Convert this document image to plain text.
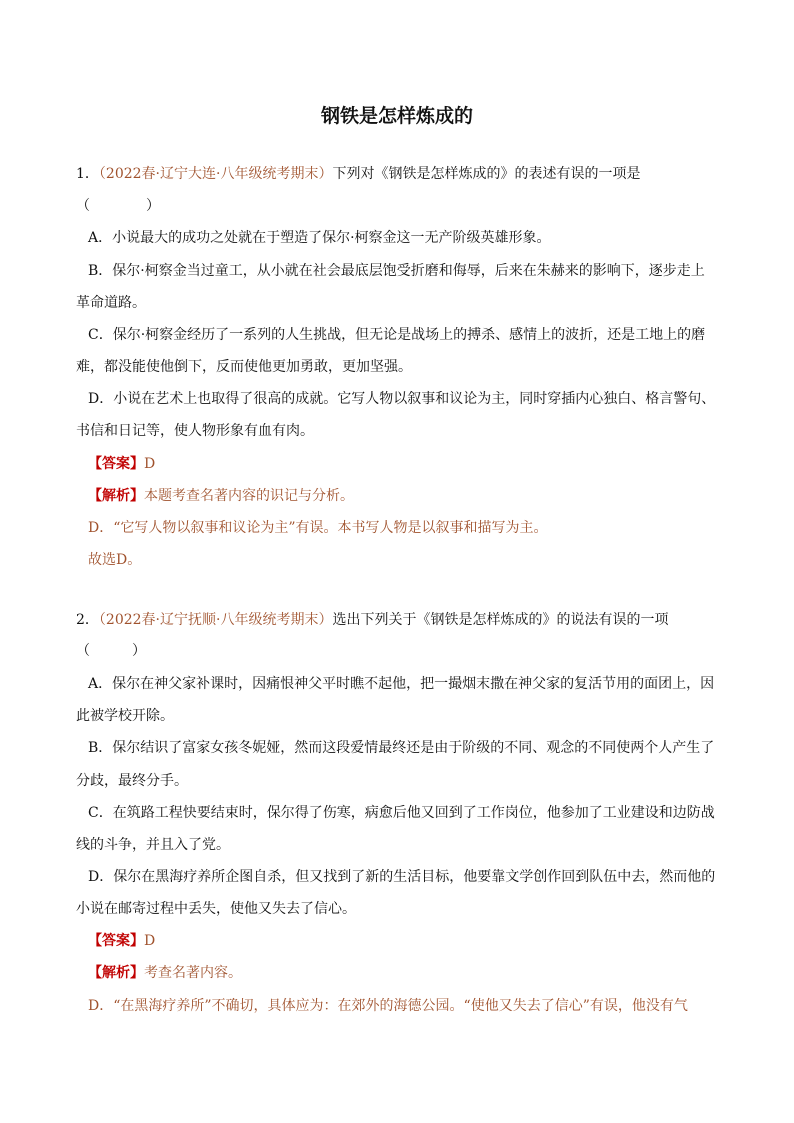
钢铁是怎样炼成的
1．（2022春·辽宁大连·八年级统考期末）下列对《钢铁是怎样炼成的》的表述有误的一项是
（　　　　）
A．小说最大的成功之处就在于塑造了保尔·柯察金这一无产阶级英雄形象。
B．保尔·柯察金当过童工，从小就在社会最底层饱受折磨和侮辱，后来在朱赫来的影响下，逐步走上
革命道路。
C．保尔·柯察金经历了一系列的人生挑战，但无论是战场上的搏杀、感情上的波折，还是工地上的磨
难，都没能使他倒下，反而使他更加勇敢，更加坚强。
D．小说在艺术上也取得了很高的成就。它写人物以叙事和议论为主，同时穿插内心独白、格言警句、
书信和日记等，使人物形象有血有肉。
【答案】D
【解析】本题考查名著内容的识记与分析。
D．“它写人物以叙事和议论为主”有误。本书写人物是以叙事和描写为主。
故选D。
2．（2022春·辽宁抚顺·八年级统考期末）选出下列关于《钢铁是怎样炼成的》的说法有误的一项
（　　　）
A．保尔在神父家补课时，因痛恨神父平时瞧不起他，把一撮烟末撒在神父家的复活节用的面团上，因
此被学校开除。
B．保尔结识了富家女孩冬妮娅，然而这段爱情最终还是由于阶级的不同、观念的不同使两个人产生了
分歧，最终分手。
C．在筑路工程快要结束时，保尔得了伤寒，病愈后他又回到了工作岗位，他参加了工业建设和边防战
线的斗争，并且入了党。
D．保尔在黑海疗养所企图自杀，但又找到了新的生活目标，他要靠文学创作回到队伍中去，然而他的
小说在邮寄过程中丢失，使他又失去了信心。
【答案】D
【解析】考查名著内容。
D．“在黑海疗养所”不确切，具体应为：在郊外的海德公园。“使他又失去了信心”有误，他没有气
